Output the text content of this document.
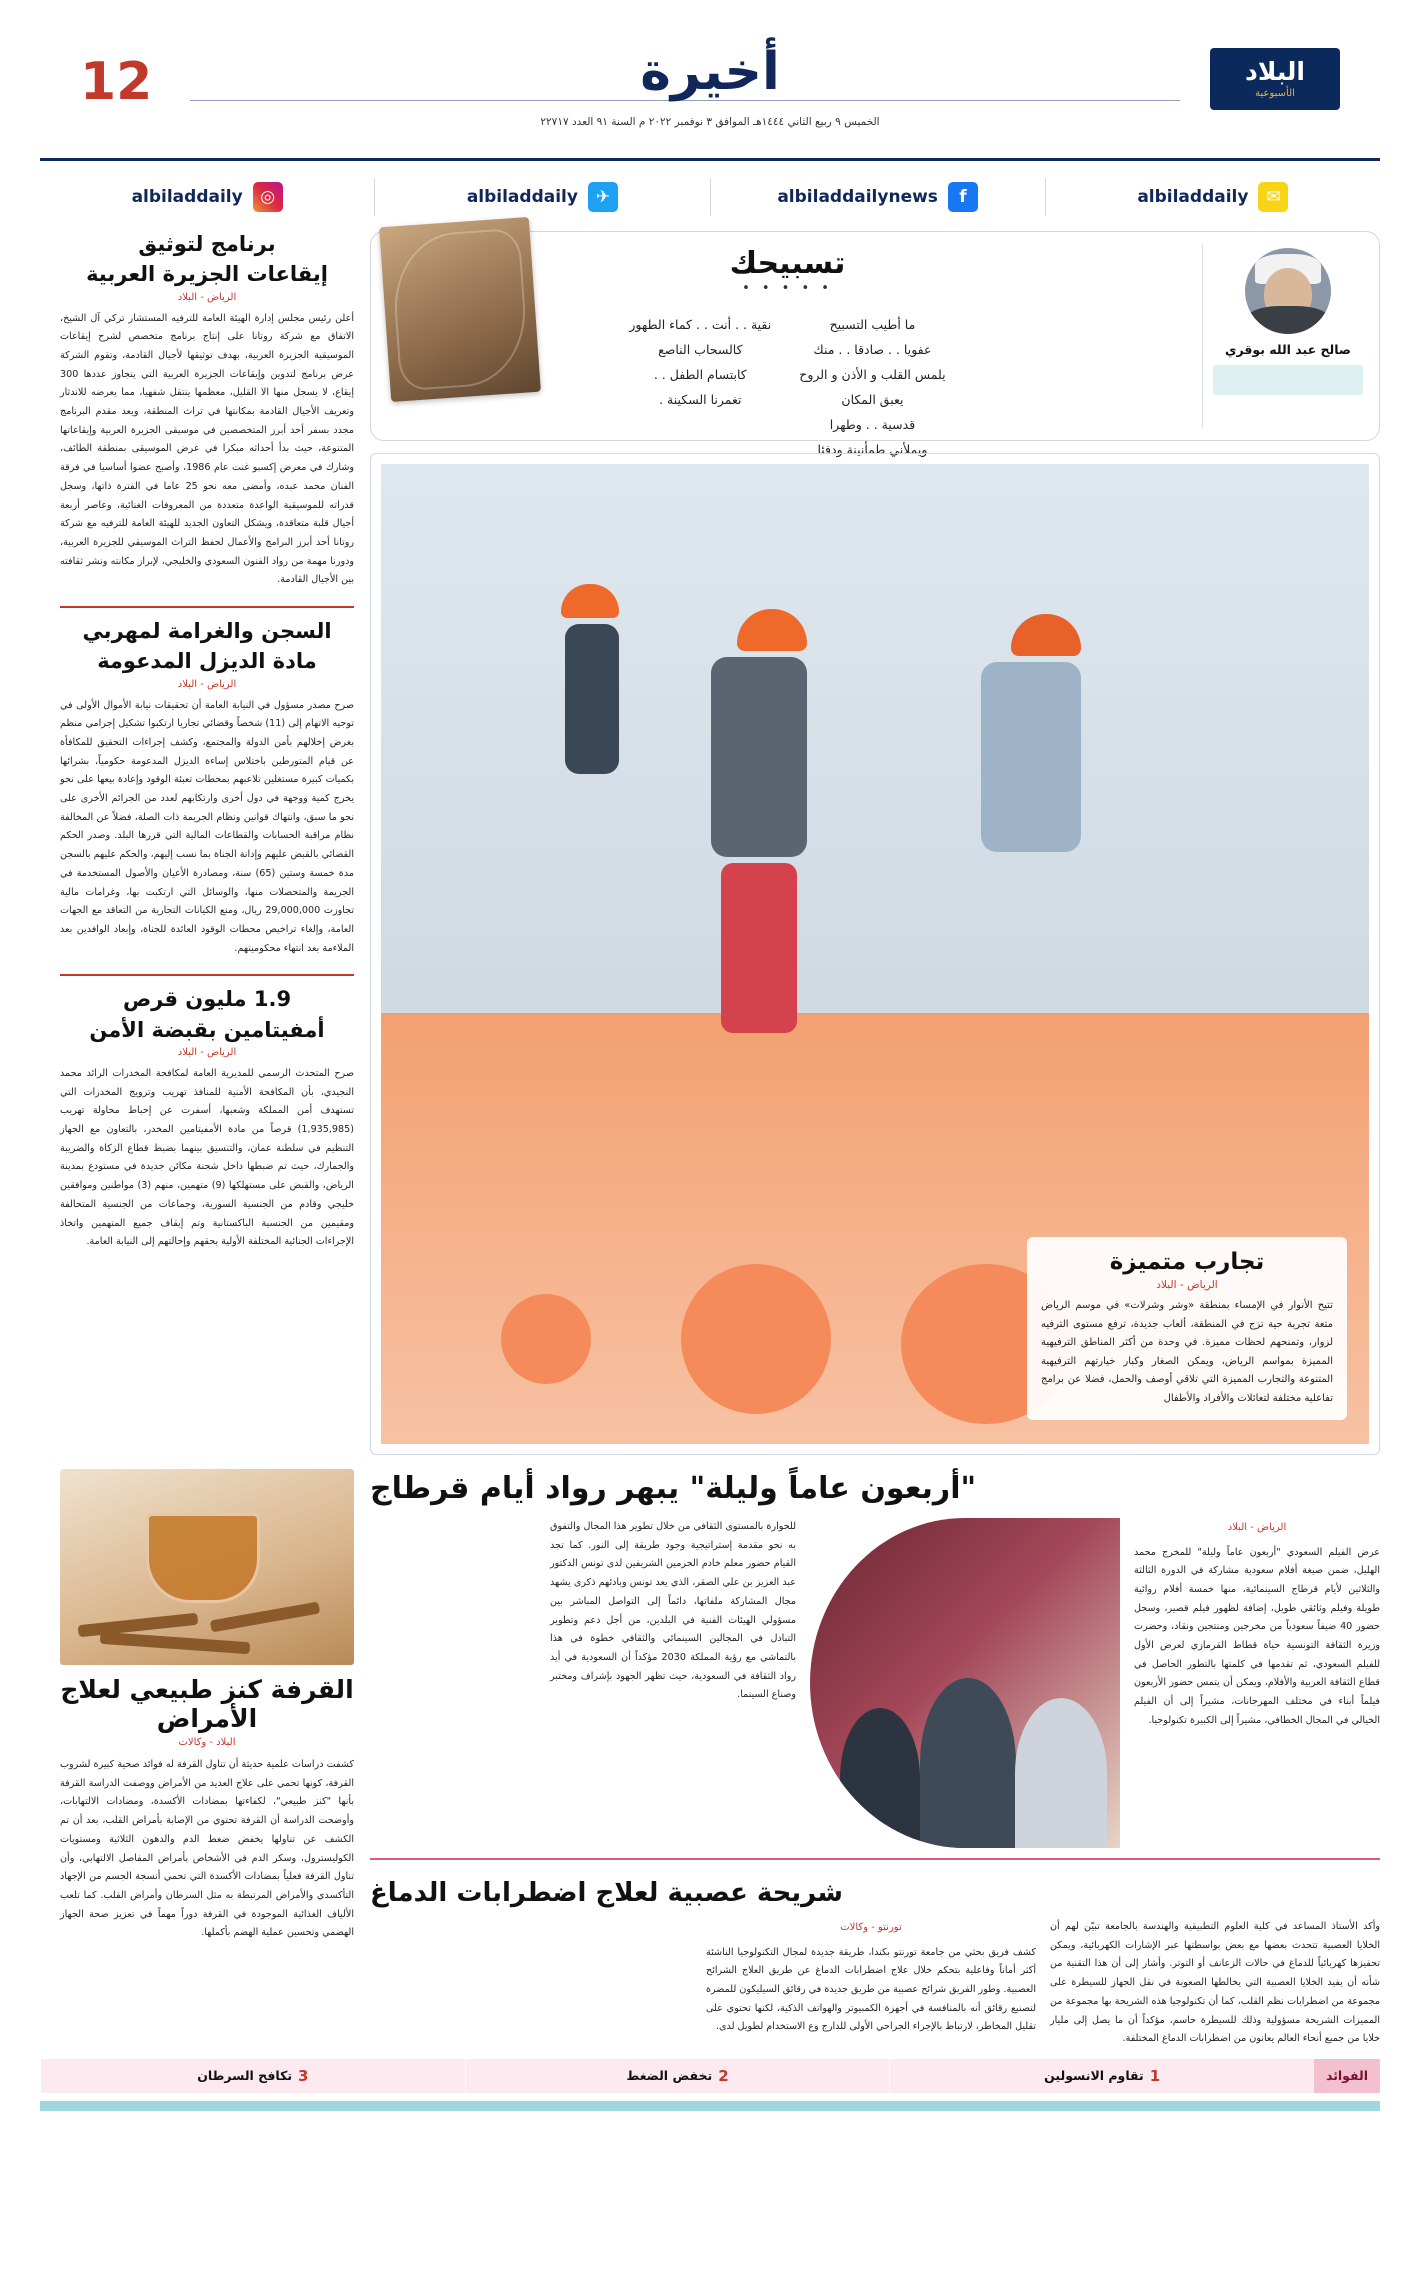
البلاد
الأسبوعية
أخيرة
الخميس ٩ ربيع الثاني ١٤٤٤هـ الموافق ٣ نوفمبر ٢٠٢٢ م السنة ٩١ العدد ٢٢٧١٧
12
✉
albiladdaily
f
albiladdailynews
✈
albiladdaily
◎
albiladdaily
صالح عبد الله بوقري
تسبيحك
• • • • •
ما أطيب التسبيح
عفويا . . صادقا . . منك
يلمس القلب و الأذن و الروح
يعبق المكان
قدسية . . وطهرا
ويملأني طمأنينة ودفئا
نقية . . أنت . . كماء الطهور
كالسحاب الناصع
كابتسام الطفل . .
تغمرنا السكينة .
تجارب متميزة
الرياض - البلاد

تتيح الأنوار في الإمساء بمنطقة «وشر وشرلات» في موسم الرياض متعة تجربة حية تزج في المنطقة، ألعاب جديدة، ترفع مستوى الترفيه لزوار، وتمنحهم لحظات مميزة. في وحدة من أكثر المناطق الترفيهية المميزة بمواسم الرياض، ويمكن الصغار وكبار خيارتهم الترفيهية المتنوعة والتجارب المميزة التي تلاقي أوصف والحمل، فضلا عن برامج تفاعلية مختلفة لتعائلات والأفراد والأطفال

برنامج لتوثيق
إيقاعات الجزيرة العربية
الرياض - البلاد

أعلن رئيس مجلس إدارة الهيئة العامة للترفيه المستشار تركي آل الشيخ، الاتفاق مع شركة روتانا على إنتاج برنامج متخصص لشرح إيقاعات الموسيقية الجزيرة العربية، بهدف توثيقها لأجيال القادمة، وتقوم الشركة عرض برنامج لتدوين وإيقاعات الجزيرة العربية التي يتجاوز عددها 300 إيقاع، لا يسجل منها الا القليل، معظمها ينتقل شفهيا، مما يعرضه للاندثار وتعريف الأجيال القادمة بمكانتها في تراث المنطقة، ويعد مقدم البرنامج مجدد بسفر أحد أبرز المتخصصين في موسيقى الجزيرة العربية وإيقاعاتها المتنوعة، حيث بدأ أحداثه مبكرا في عرض الموسيقى بمنطقة الطائف، وشارك في معرض إكسبو غنت عام 1986، وأصبح عضوا أساسيا في فرقة الفنان محمد عبده، وأمضى معه نحو 25 عاما في الفترة ذاتها، وسجل قدراته للموسيقية الواعدة متعددة من المعروفات الغنائية، وعاصر أربعة أجيال قلبة متعاقدة، ويشكل التعاون الجديد للهيئة العامة للترفيه مع شركة روتانا أحد أبرز البرامج والأعمال لحفظ التراث الموسيقي للجزيرة العربية، ودورنا مهمة من رواد الفنون السعودي والخليجي، لإبراز مكانته ونشر ثقافته بين الأجيال القادمة.

السجن والغرامة لمهربي
مادة الديزل المدعومة
الرياض - البلاد

صرح مصدر مسؤول في النيابة العامة أن تحقيقات نيابة الأموال الأولى في توجيه الاتهام إلى (11) شخصاً وقضائي تجاريا ارتكبوا تشكيل إجرامي منظم بغرض إخلالهم بأمن الدولة والمجتمع، وكشف إجراءات التحقيق للمكافأة عن قيام المتورطين باختلاس إساءة الديزل المدعومة حكومياً، بشرائها بكميات كبيرة مستغلين تلاعبهم بمحطات تعبئة الوقود وإعادة بيعها على نحو يخرج كمية ووجهة في دول أخرى وارتكابهم لعدد من الجرائم الأخرى على نحو ما سبق، وانتهاك قوانين ونظام الجريمة ذات الصلة، فضلاً عن المخالفة نظام مراقبة الحسابات والقطاعات المالية التي قررها البلد. وصدر الحكم القضائي بالقبض عليهم وإدانة الجناة بما نسب إليهم، والحكم عليهم بالسجن مدة خمسة وستين (65) سنة، ومصادرة الأعيان والأصول المستخدمة في الجريمة والمتحصلات منها، والوسائل التي ارتكبت بها، وغرامات مالية تجاوزت 29,000,000 ريال، ومنع الكيانات التجارية من التعاقد مع الجهات العامة، وإلغاء تراخيص محطات الوقود العائدة للجناة، وإبعاد الوافدين بعد الملاءمة بعد انتهاء محكوميتهم.

1.9 مليون قرص
أمفيتامين بقبضة الأمن
الرياض - البلاد

صرح المتحدث الرسمي للمديرية العامة لمكافحة المخدرات الرائد محمد النجيدي، بأن المكافحة الأمنية للمنافذ تهريب وترويج المخدرات التي تستهدف أمن المملكة وشعبها، أسفرت عن إحباط محاولة تهريب (1,935,985) قرصاً من مادة الأمفيتامين المخدر، بالتعاون مع الجهاز التنظيم في سلطنة عمان، والتنسيق بينهما بضبط قطاع الزكاة والضريبة والجمارك، حيث تم ضبطها داخل شحنة مكائن جديدة في مستودع بمدينة الرياض، والقبض على مستهلكها (9) متهمين، منهم (3) مواطنين وموافقين خليجي وقادم من الجنسية السورية، وجماعات من الجنسية المتحالفة ومقيمين من الجنسية الباكستانية وتم إيقاف جميع المتهمين واتخاذ الإجراءات الجنائية المختلفة الأولية بحقهم وإحالتهم إلى النيابة العامة.

"أربعون عاماً وليلة" يبهر رواد أيام قرطاج
الرياض - البلاد
عرض الفيلم السعودي "أربعون عاماً وليلة" للمخرج محمد الهليل، ضمن صيغة أفلام سعودية مشاركة في الدورة الثالثة والثلاثين لأيام قرطاج السينمائية، منها خمسة أفلام روائية طويلة وفيلم وثائقي طويل، إضافة لظهور فيلم قصير، وسجل حضور 40 ضيفاً سعودياً من مخرجين ومنتجين ونقاد، وحضرت وزيرة الثقافة التونسية حياة قطاط القرمازي لعرض الأول للفيلم السعودي، ثم تقدمها في كلمتها بالتطور الحاصل في قطاع الثقافة العربية والأفلام، ويمكن أن يتمس حضور الأربعون فيلماً أبناء في مختلف المهرجانات، مشيراً إلى أن الفيلم الخيالي في المجال الخطافي، مشيراً إلى الكبيرة تكنولوجيا.
للحوارة بالمستوى الثقافي من خلال تطوير هذا المجال والتفوق به نحو مقدمة إستراتيجية وجود طريقة إلى النور. كما تجد القيام حضور معلم خادم الحرمين الشريفين لدى تونس الدكتور عبد العزيز بن علي الصقر، الذي يعد تونس وبادئهم ذكرى يشهد مجال المشاركة ملفاتها، دائماً إلى التواصل المباشر بين مسؤولي الهيئات الفنية في البلدين، من أجل دعم وتطوير التبادل في المجالين السينمائي والثقافي خطوة في هذا بالتماشي مع رؤية المملكة 2030 مؤكداً أن السعودية في أيد رواد الثقافة في السعودية، حيث تظهر الجهود بإشراف ومختبر وصناع السينما.
شريحة عصبية لعلاج اضطرابات الدماغ
وأكد الأستاذ المساعد في كلية العلوم التطبيقية والهندسة بالجامعة تبيّن لهم أن الخلايا العصبية تتحدث بعضها مع بعض بواسطتها عبر الإشارات الكهربائية، ويمكن تحفيزها كهربائياً للدماغ في حالات الزعانف أو التوتر. وأشار إلى أن هذا التقنية من شأنه أن يفيد الخلايا العصبية التي يخالطها الصعوبة في نقل الجهاز للسيطرة على مجموعة من اضطرابات نظم القلب، كما أن تكنولوجيا هذه الشريحة بها مجموعة من المميزات الشريحة مسؤولية وذلك للسيطرة حاسم، مؤكداً أن ما يصل إلى مليار خلايا من جميع أنحاء العالم يعانون من اضطرابات الدماغ المختلفة.
تورنتو - وكالات
كشف فريق بحثي من جامعة تورنتو بكندا، طريقة جديدة لمجال التكنولوجيا الناشئة أكثر أماناً وفاعلية بتحكم خلال علاج اضطرابات الدماغ عن طريق العلاج الشرائح العصبية. وطور الفريق شرائح عصبية من طريق جديدة في رقائق السيليكون للمضرة لتصنيع رقائق أنه بالمنافسة في أجهزة الكمبيوتر والهواتف الذكية، لكنها تحتوي على تقليل المخاطر، لارتباط بالإجراء الجراحي الأولى للدارج وع الاستخدام لطويل لدى.
القرفة كنز طبيعي لعلاج الأمراض
البلاد - وكالات
كشفت دراسات علمية حديثة أن تناول القرفة له فوائد صحية كبيرة لشروب القرفة، كونها تحمي على علاج العديد من الأمراض ووصفت الدراسة القرفة بأنها "كنز طبيعي"، لكفاءتها بمضادات الأكسدة، ومضادات الالتهابات، وأوضحت الدراسة أن القرفة تحتوي من الإصابة بأمراض القلب، بعد أن تم الكشف عن تناولها يخفض ضغط الدم والدهون الثلاثية ومستويات الكوليسترول، وسكر الدم في الأشخاص بأمراض المفاصل الالتهابي، وأن تناول القرفة فعلياً بمضادات الأكسدة التي تحمي أنسجة الجسم من الإجهاد التأكسدي والأمراض المرتبطة به مثل السرطان وأمراض القلب. كما تلعب الألياف الغذائية الموجودة في القرفة دوراً مهماً في تعزيز صحة الجهاز الهضمي وتحسين عملية الهضم بأكملها.
الفوائد
1
تقاوم الانسولين
2
تخفض الضغط
3
تكافح السرطان
